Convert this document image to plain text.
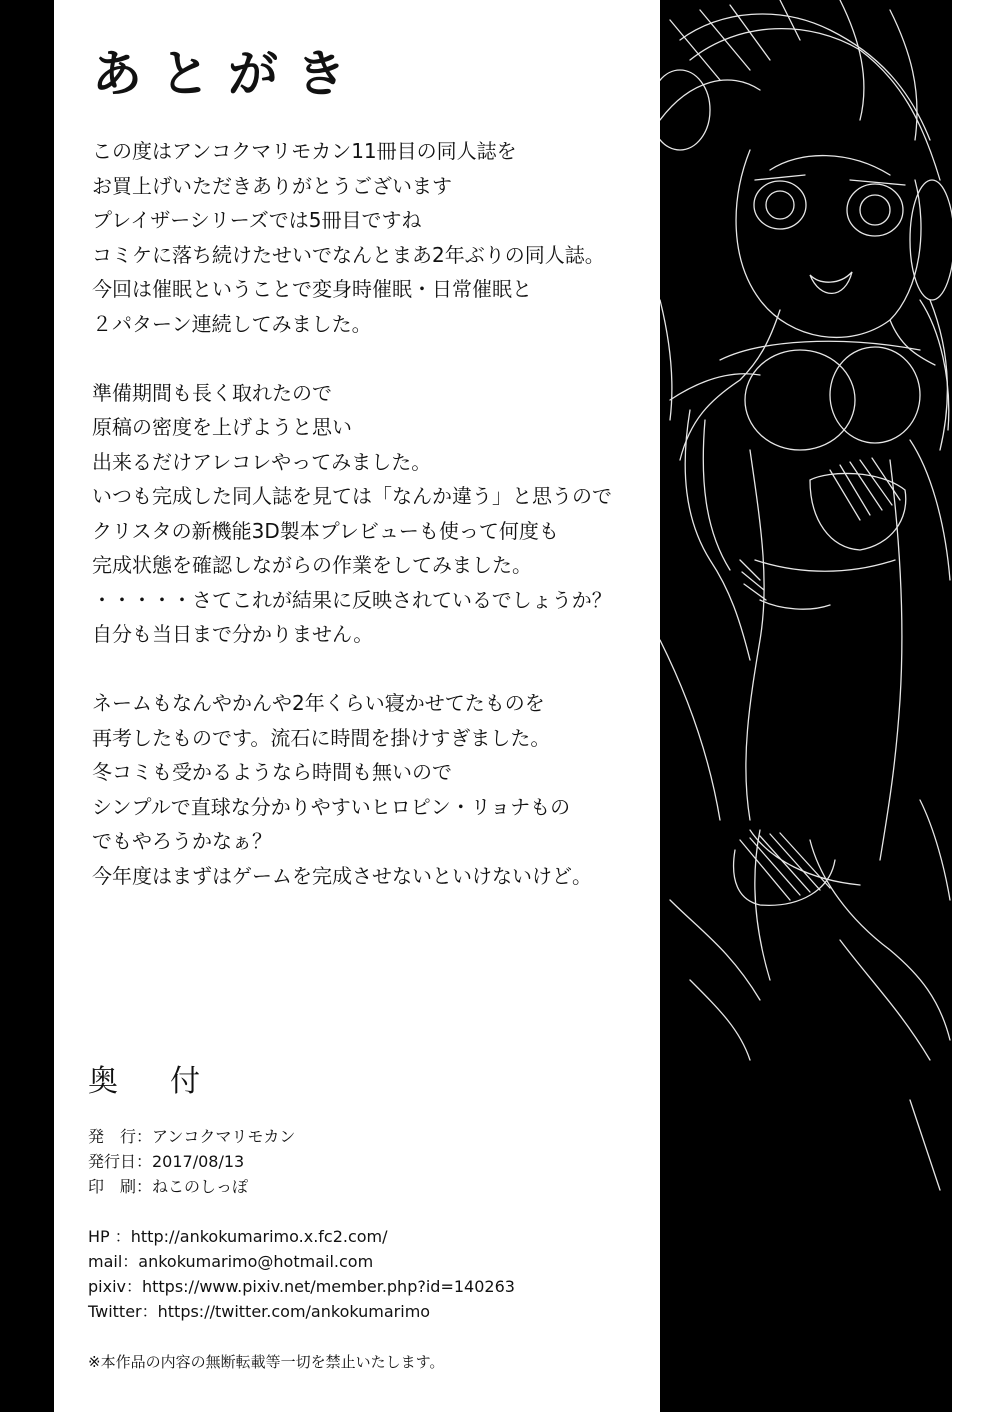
あとがき
この度はアンコクマリモカン11冊目の同人誌を
お買上げいただきありがとうございます
プレイザーシリーズでは5冊目ですね
コミケに落ち続けたせいでなんとまあ2年ぶりの同人誌。
今回は催眠ということで変身時催眠・日常催眠と
２パターン連続してみました。
準備期間も長く取れたので
原稿の密度を上げようと思い
出来るだけアレコレやってみました。
いつも完成した同人誌を見ては「なんか違う」と思うので
クリスタの新機能3D製本プレビューも使って何度も
完成状態を確認しながらの作業をしてみました。
・・・・・さてこれが結果に反映されているでしょうか？
自分も当日まで分かりません。
ネームもなんやかんや2年くらい寝かせてたものを
再考したものです。流石に時間を掛けすぎました。
冬コミも受かるようなら時間も無いので
シンプルで直球な分かりやすいヒロピン・リョナもの
でもやろうかなぁ？
今年度はまずはゲームを完成させないといけないけど。
奥付
発　行：アンコクマリモカン
発行日：2017/08/13
印　刷：ねこのしっぽ
HP ：http://ankokumarimo.x.fc2.com/
mail：ankokumarimo@hotmail.com
pixiv：https://www.pixiv.net/member.php?id=140263
Twitter：https://twitter.com/ankokumarimo
※本作品の内容の無断転載等一切を禁止いたします。
